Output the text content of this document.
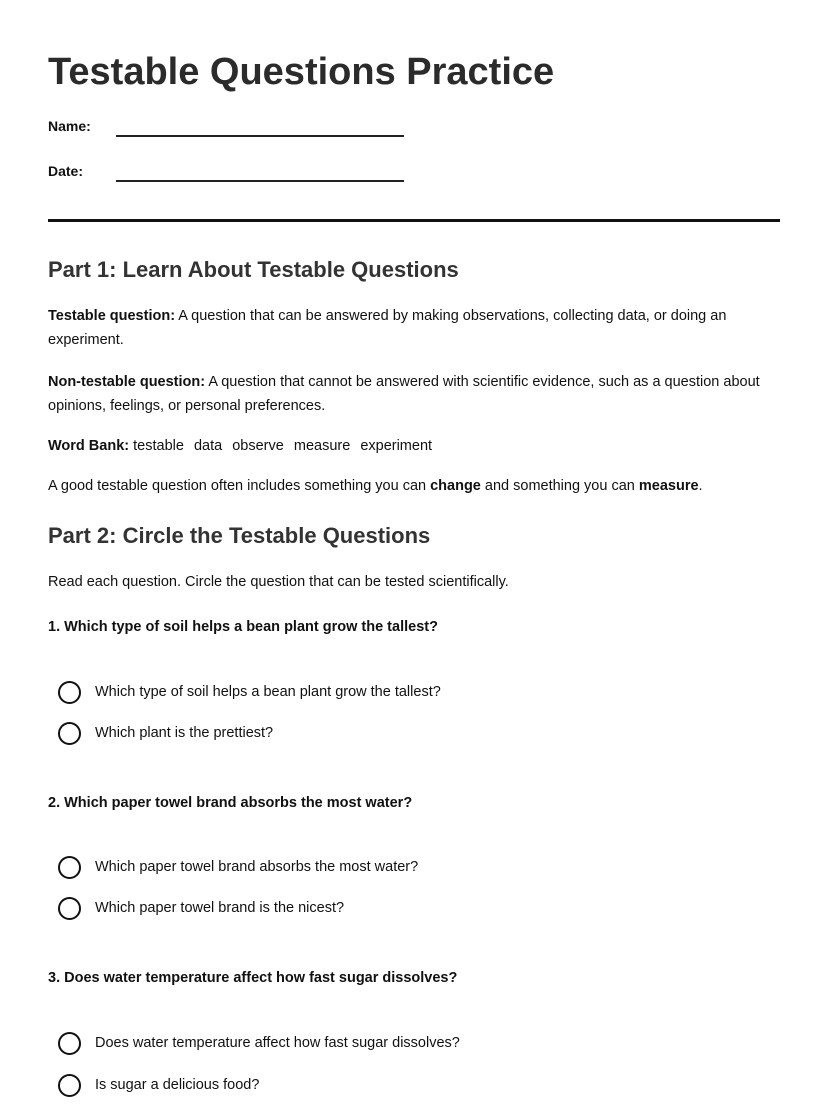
Testable Questions Practice
Name:
Date:
Part 1: Learn About Testable Questions

Testable question: A question that can be answered by making observations, collecting data, or doing an experiment.

Non-testable question: A question that cannot be answered with scientific evidence, such as a question about opinions, feelings, or personal preferences.

Word Bank: testable data observe measure experiment

A good testable question often includes something you can change and something you can measure.

Part 2: Circle the Testable Questions

Read each question. Circle the question that can be tested scientifically.

1. Which type of soil helps a bean plant grow the tallest?

Which type of soil helps a bean plant grow the tallest?
Which plant is the prettiest?

2. Which paper towel brand absorbs the most water?

Which paper towel brand absorbs the most water?
Which paper towel brand is the nicest?

3. Does water temperature affect how fast sugar dissolves?

Does water temperature affect how fast sugar dissolves?
Is sugar a delicious food?
